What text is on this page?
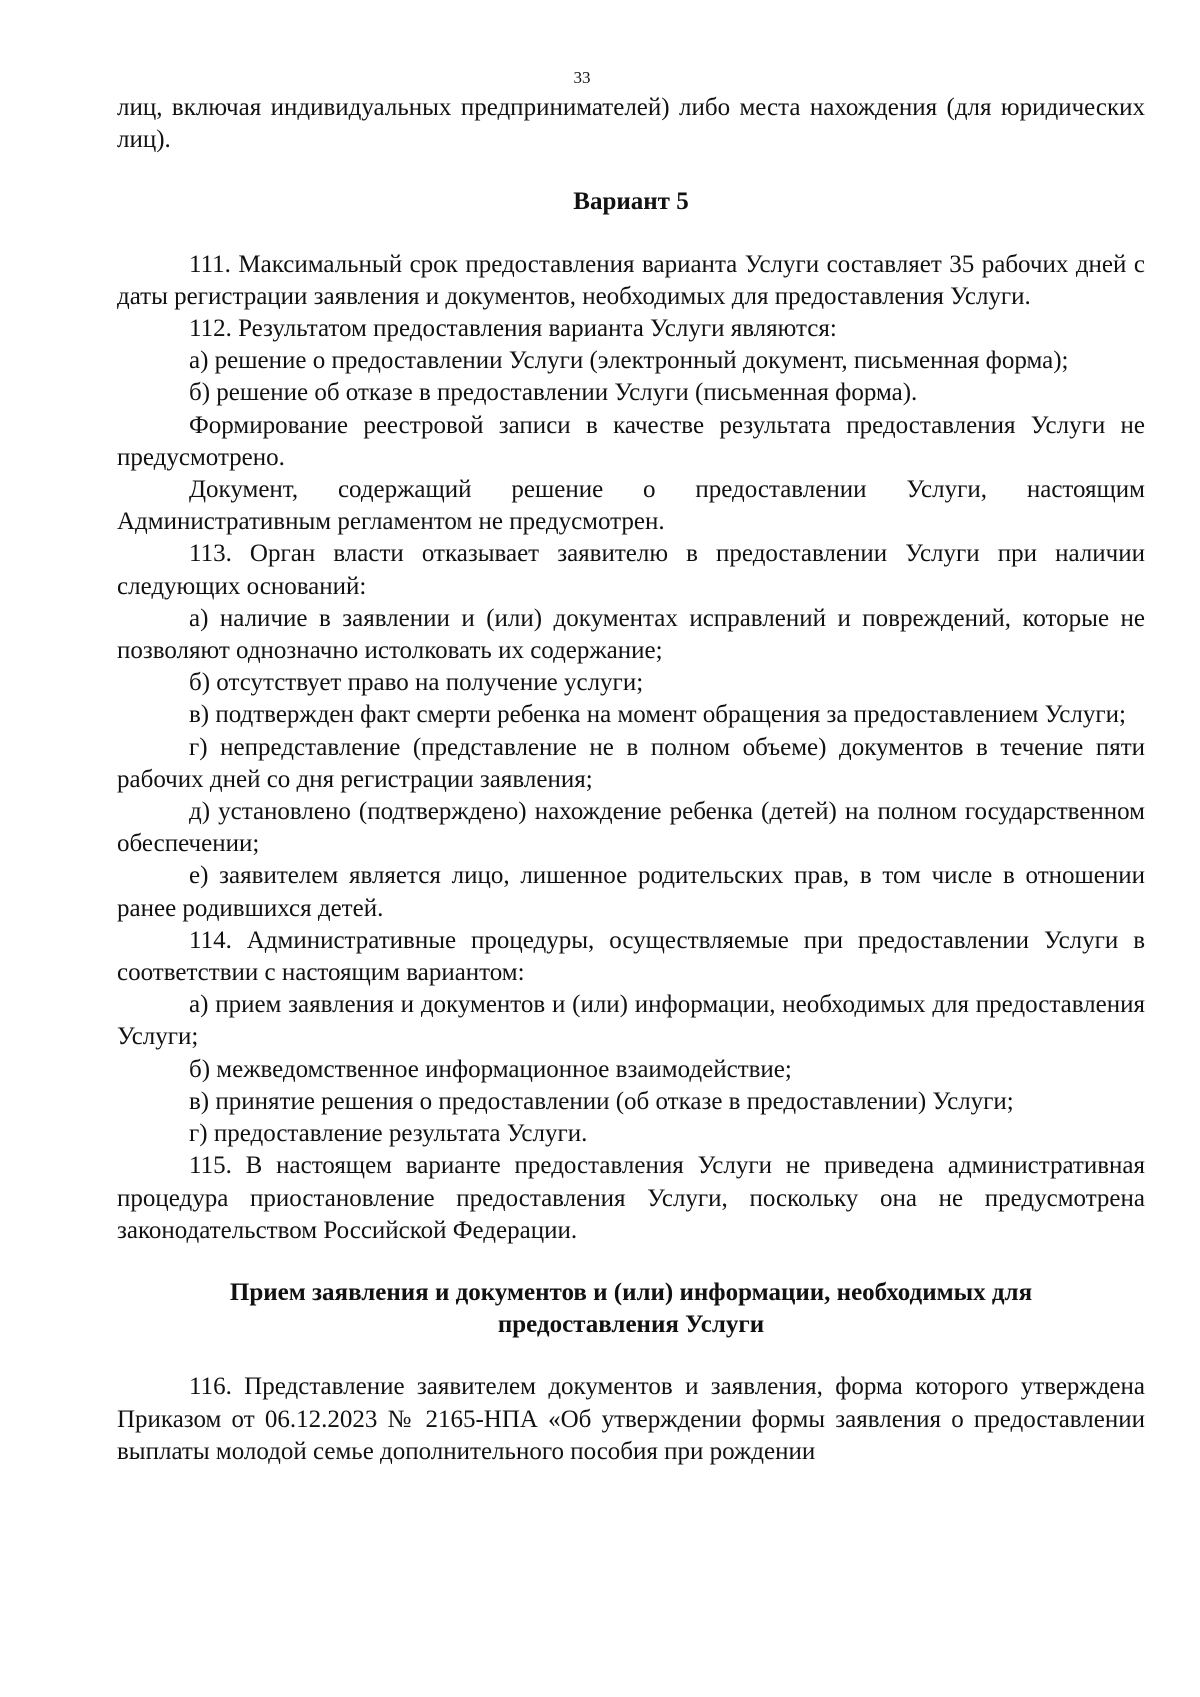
33

лиц, включая индивидуальных предпринимателей) либо места нахождения (для юридических лиц).

Вариант 5

111. Максимальный срок предоставления варианта Услуги составляет 35 рабочих дней с даты регистрации заявления и документов, необходимых для предоставления Услуги.

112. Результатом предоставления варианта Услуги являются:

а) решение о предоставлении Услуги (электронный документ, письменная форма);

б) решение об отказе в предоставлении Услуги (письменная форма).

Формирование реестровой записи в качестве результата предоставления Услуги не предусмотрено.

Документ, содержащий решение о предоставлении Услуги, настоящим Административным регламентом не предусмотрен.

113. Орган власти отказывает заявителю в предоставлении Услуги при наличии следующих оснований:

а) наличие в заявлении и (или) документах исправлений и повреждений, которые не позволяют однозначно истолковать их содержание;

б) отсутствует право на получение услуги;

в) подтвержден факт смерти ребенка на момент обращения за предоставлением Услуги;

г) непредставление (представление не в полном объеме) документов в течение пяти рабочих дней со дня регистрации заявления;

д) установлено (подтверждено) нахождение ребенка (детей) на полном государственном обеспечении;

е) заявителем является лицо, лишенное родительских прав, в том числе в отношении ранее родившихся детей.

114. Административные процедуры, осуществляемые при предоставлении Услуги в соответствии с настоящим вариантом:

а) прием заявления и документов и (или) информации, необходимых для предоставления Услуги;

б) межведомственное информационное взаимодействие;

в) принятие решения о предоставлении (об отказе в предоставлении) Услуги;

г) предоставление результата Услуги.

115. В настоящем варианте предоставления Услуги не приведена административная процедура приостановление предоставления Услуги, поскольку она не предусмотрена законодательством Российской Федерации.

Прием заявления и документов и (или) информации, необходимых для
предоставления Услуги

116. Представление заявителем документов и заявления, форма которого утверждена Приказом от 06.12.2023 № 2165-НПА «Об утверждении формы заявления о предоставлении выплаты молодой семье дополнительного пособия при рождении
